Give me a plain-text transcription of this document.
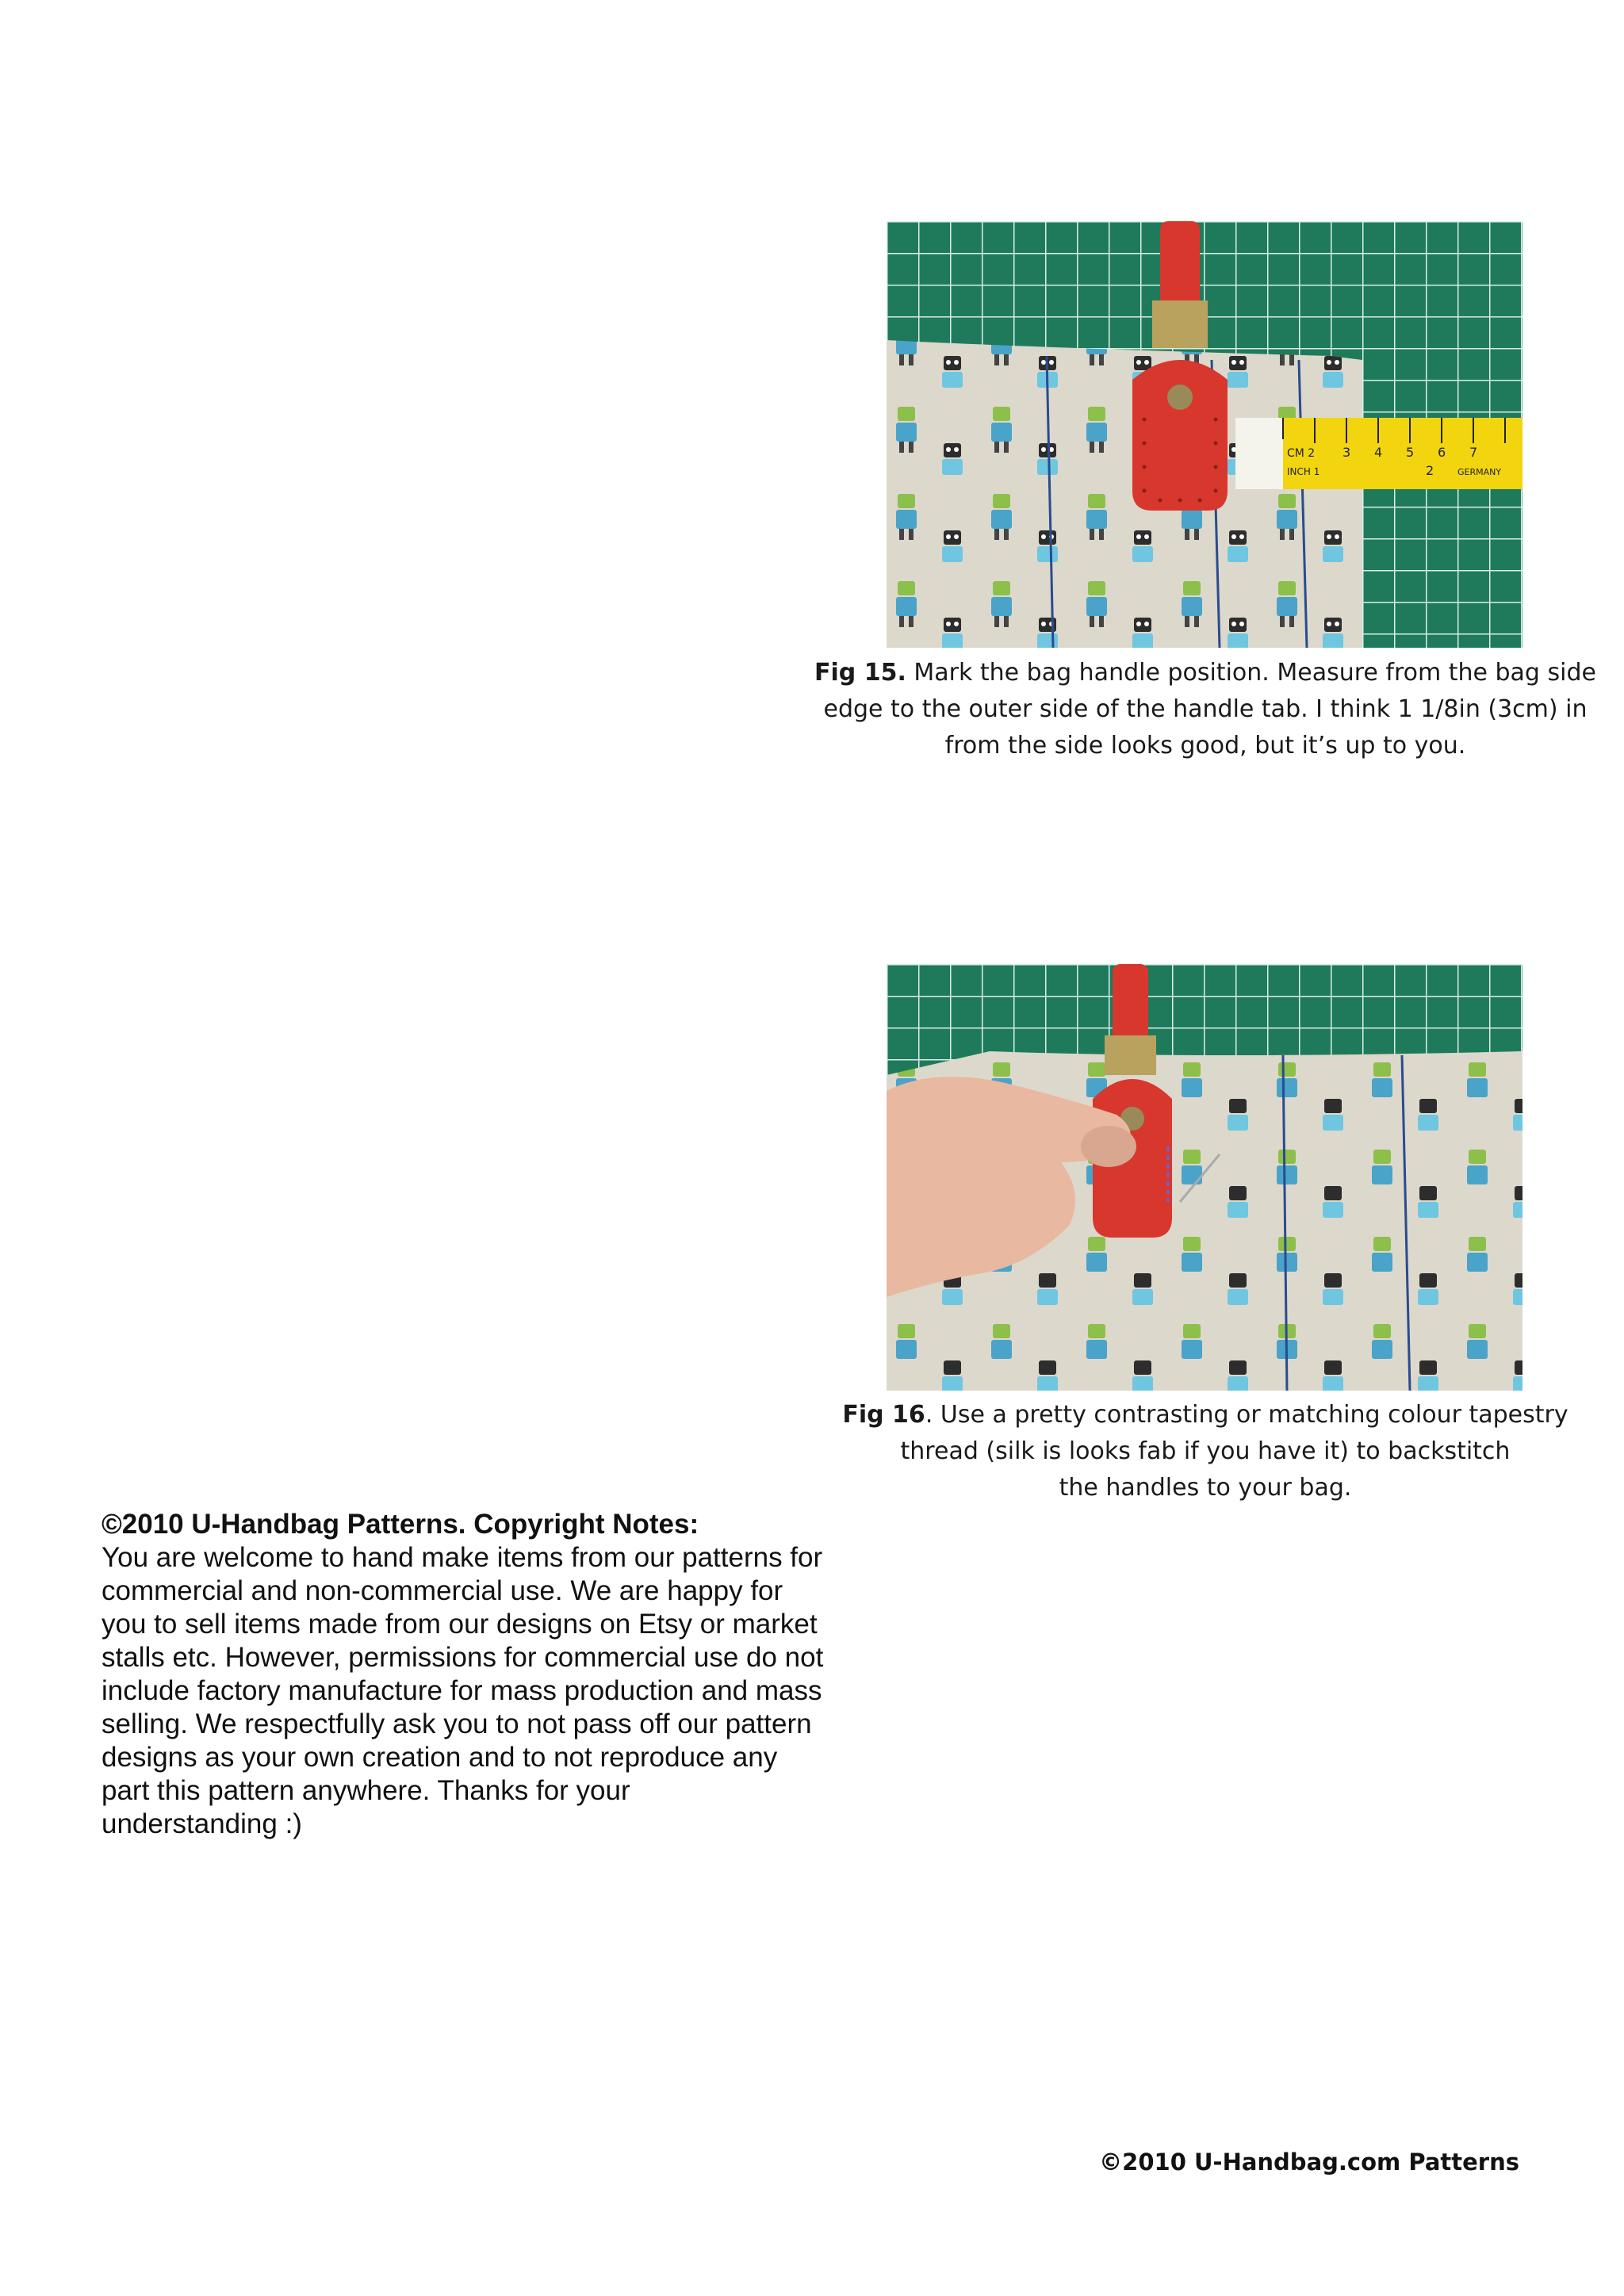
CM 2 3 4 5 6 7
INCH 1	2	GERMANY
Fig 15. Mark the bag handle position. Measure from the bag side
edge to the outer side of the handle tab. I think 1 1/8in (3cm) in
from the side looks good, but it’s up to you.
Fig 16. Use a pretty contrasting or matching colour tapestry
thread (silk is looks fab if you have it) to backstitch
the handles to your bag.
©2010 U-Handbag Patterns. Copyright Notes:
You are welcome to hand make items from our patterns for
commercial and non-commercial use. We are happy for
you to sell items made from our designs on Etsy or market
stalls etc. However, permissions for commercial use do not
include factory manufacture for mass production and mass
selling. We respectfully ask you to not pass off our pattern
designs as your own creation and to not reproduce any
part this pattern anywhere. Thanks for your
understanding :)
©2010 U-Handbag.com Patterns
